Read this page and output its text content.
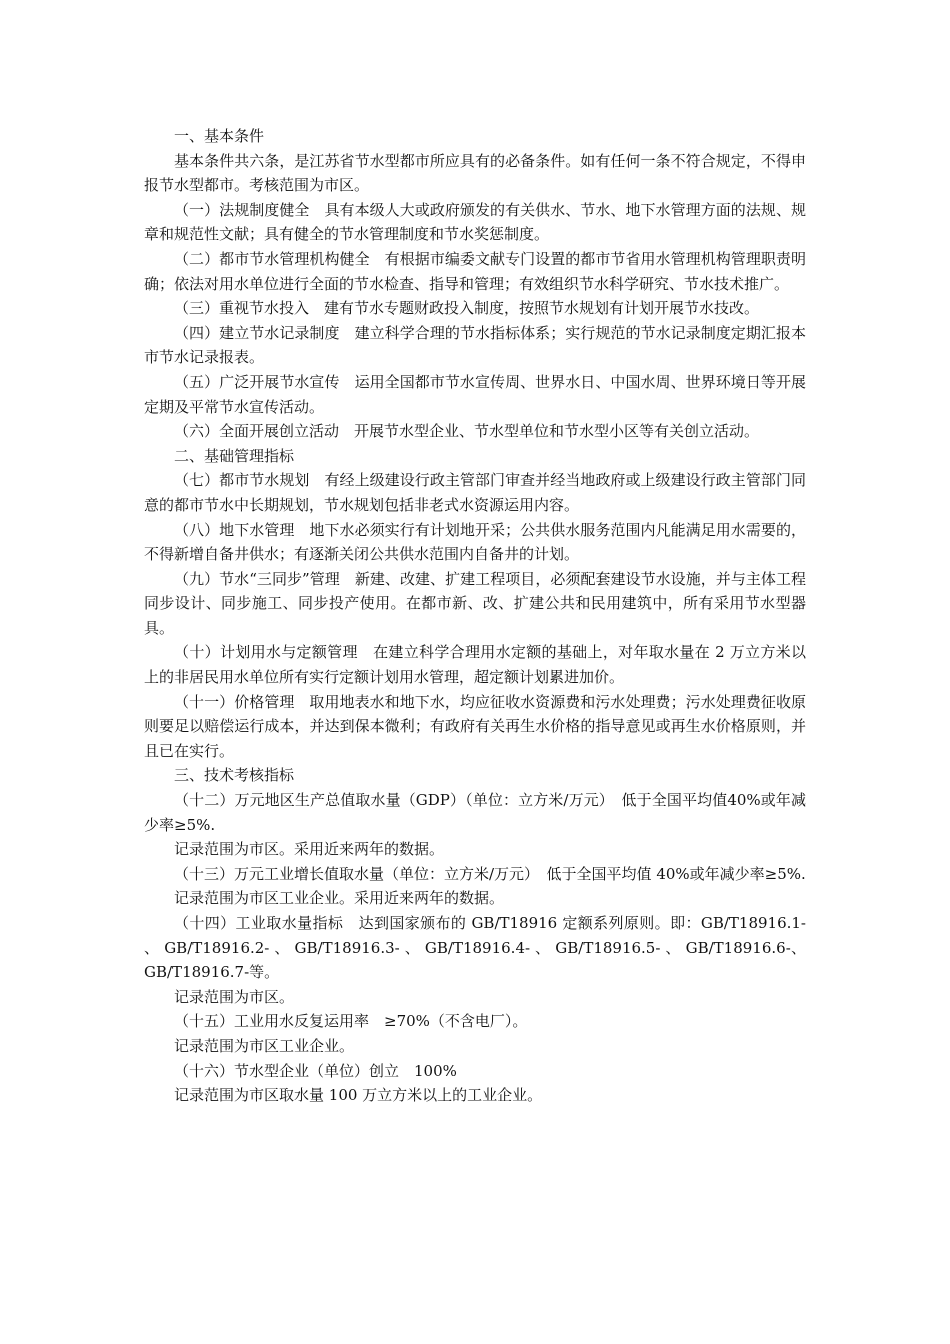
一、基本条件

基本条件共六条，是江苏省节水型都市所应具有的必备条件。如有任何一条不符合规定，不得申报节水型都市。考核范围为市区。

（一）法规制度健全　具有本级人大或政府颁发的有关供水、节水、地下水管理方面的法规、规章和规范性文献；具有健全的节水管理制度和节水奖惩制度。

（二）都市节水管理机构健全　有根据市编委文献专门设置的都市节省用水管理机构管理职责明确；依法对用水单位进行全面的节水检查、指导和管理；有效组织节水科学研究、节水技术推广。

（三）重视节水投入　建有节水专题财政投入制度，按照节水规划有计划开展节水技改。

（四）建立节水记录制度　建立科学合理的节水指标体系；实行规范的节水记录制度定期汇报本市节水记录报表。

（五）广泛开展节水宣传　运用全国都市节水宣传周、世界水日、中国水周、世界环境日等开展定期及平常节水宣传活动。

（六）全面开展创立活动　开展节水型企业、节水型单位和节水型小区等有关创立活动。

二、基础管理指标

（七）都市节水规划　有经上级建设行政主管部门审查并经当地政府或上级建设行政主管部门同意的都市节水中长期规划，节水规划包括非老式水资源运用内容。

（八）地下水管理　地下水必须实行有计划地开采；公共供水服务范围内凡能满足用水需要的，不得新增自备井供水；有逐渐关闭公共供水范围内自备井的计划。

（九）节水“三同步”管理　新建、改建、扩建工程项目，必须配套建设节水设施，并与主体工程同步设计、同步施工、同步投产使用。在都市新、改、扩建公共和民用建筑中，所有采用节水型器具。

（十）计划用水与定额管理　在建立科学合理用水定额的基础上，对年取水量在 2 万立方米以上的非居民用水单位所有实行定额计划用水管理，超定额计划累进加价。

（十一）价格管理　取用地表水和地下水，均应征收水资源费和污水处理费；污水处理费征收原则要足以赔偿运行成本，并达到保本微利；有政府有关再生水价格的指导意见或再生水价格原则，并且已在实行。

三、技术考核指标

（十二）万元地区生产总值取水量（GDP）（单位：立方米/万元）　低于全国平均值40%或年减少率≥5%.

记录范围为市区。采用近来两年的数据。

（十三）万元工业增长值取水量（单位：立方米/万元）　低于全国平均值 40%或年减少率≥5%.

记录范围为市区工业企业。采用近来两年的数据。

（十四）工业取水量指标　达到国家颁布的 GB/T18916 定额系列原则。即：GB/T18916.1- 、 GB/T18916.2- 、 GB/T18916.3- 、 GB/T18916.4- 、 GB/T18916.5- 、 GB/T18916.6-、GB/T18916.7-等。

记录范围为市区。

（十五）工业用水反复运用率　≥70%（不含电厂）。

记录范围为市区工业企业。

（十六）节水型企业（单位）创立　100%

记录范围为市区取水量 100 万立方米以上的工业企业。
